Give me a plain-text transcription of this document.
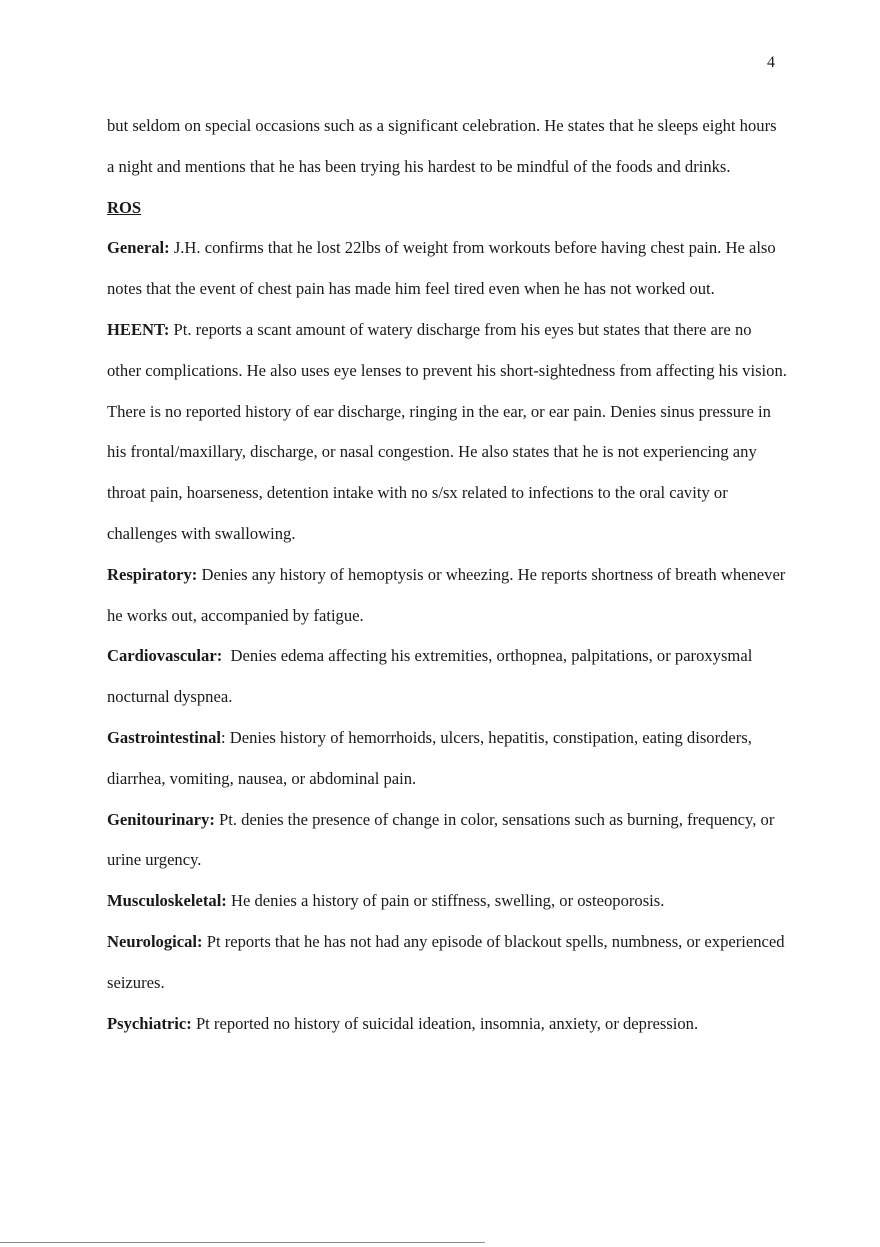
4

but seldom on special occasions such as a significant celebration. He states that he sleeps eight hours a night and mentions that he has been trying his hardest to be mindful of the foods and drinks.

ROS

General: J.H. confirms that he lost 22lbs of weight from workouts before having chest pain. He also notes that the event of chest pain has made him feel tired even when he has not worked out.

HEENT: Pt. reports a scant amount of watery discharge from his eyes but states that there are no other complications. He also uses eye lenses to prevent his short-sightedness from affecting his vision. There is no reported history of ear discharge, ringing in the ear, or ear pain. Denies sinus pressure in his frontal/maxillary, discharge, or nasal congestion. He also states that he is not experiencing any throat pain, hoarseness, detention intake with no s/sx related to infections to the oral cavity or challenges with swallowing.

Respiratory: Denies any history of hemoptysis or wheezing. He reports shortness of breath whenever he works out, accompanied by fatigue.

Cardiovascular:  Denies edema affecting his extremities, orthopnea, palpitations, or paroxysmal nocturnal dyspnea.

Gastrointestinal: Denies history of hemorrhoids, ulcers, hepatitis, constipation, eating disorders, diarrhea, vomiting, nausea, or abdominal pain.

Genitourinary: Pt. denies the presence of change in color, sensations such as burning, frequency, or urine urgency.

Musculoskeletal: He denies a history of pain or stiffness, swelling, or osteoporosis.

Neurological: Pt reports that he has not had any episode of blackout spells, numbness, or experienced seizures.

Psychiatric: Pt reported no history of suicidal ideation, insomnia, anxiety, or depression.
